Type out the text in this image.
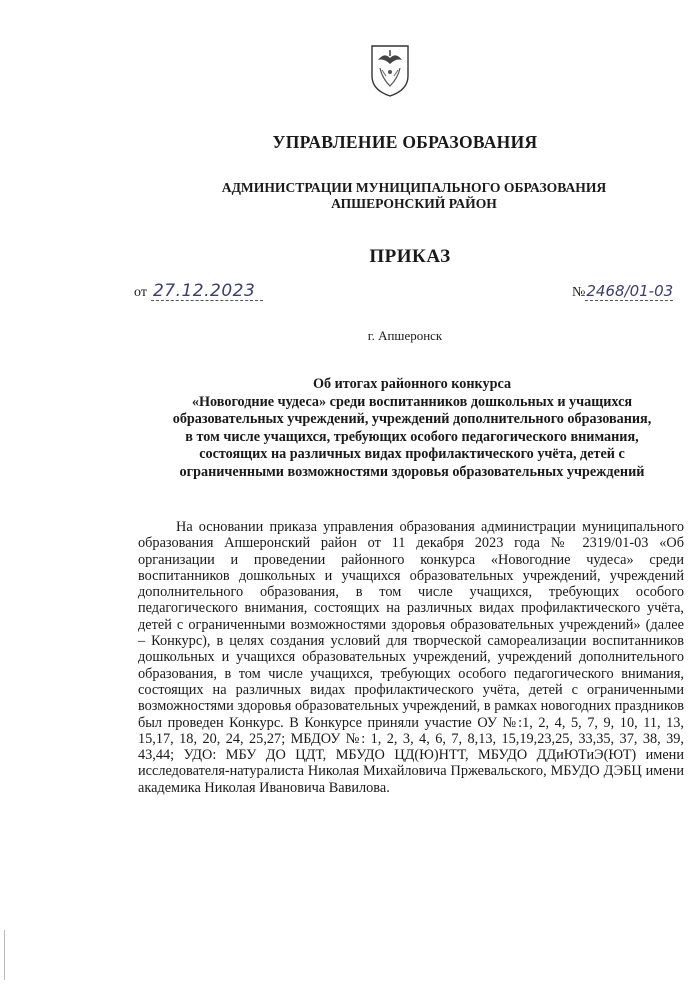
УПРАВЛЕНИЕ ОБРАЗОВАНИЯ
АДМИНИСТРАЦИИ МУНИЦИПАЛЬНОГО ОБРАЗОВАНИЯ
АПШЕРОНСКИЙ РАЙОН
ПРИКАЗ
от 27.12.2023	№ 2468/01-03
г. Апшеронск
Об итогах районного конкурса
«Новогодние чудеса» среди воспитанников дошкольных и учащихся
образовательных учреждений, учреждений дополнительного образования,
в том числе учащихся, требующих особого педагогического внимания,
состоящих на различных видах профилактического учёта, детей с
ограниченными возможностями здоровья образовательных учреждений
На основании приказа управления образования администрации муниципального образования Апшеронский район от 11 декабря 2023 года № 2319/01-03 «Об организации и проведении районного конкурса «Новогодние чудеса» среди воспитанников дошкольных и учащихся образовательных учреждений, учреждений дополнительного образования, в том числе учащихся, требующих особого педагогического внимания, состоящих на различных видах профилактического учёта, детей с ограниченными возможностями здоровья образовательных учреждений» (далее – Конкурс), в целях создания условий для творческой самореализации воспитанников дошкольных и учащихся образовательных учреждений, учреждений дополнительного образования, в том числе учащихся, требующих особого педагогического внимания, состоящих на различных видах профилактического учёта, детей с ограниченными возможностями здоровья образовательных учреждений, в рамках новогодних праздников был проведен Конкурс. В Конкурсе приняли участие ОУ №:1, 2, 4, 5, 7, 9, 10, 11, 13, 15,17, 18, 20, 24, 25,27; МБДОУ №: 1, 2, 3, 4, 6, 7, 8,13, 15,19,23,25, 33,35, 37, 38, 39, 43,44; УДО: МБУ ДО ЦДТ, МБУДО ЦД(Ю)НТТ, МБУДО ДДиЮТиЭ(ЮТ) имени исследователя-натуралиста Николая Михайловича Пржевальского, МБУДО ДЭБЦ имени академика Николая Ивановича Вавилова.
